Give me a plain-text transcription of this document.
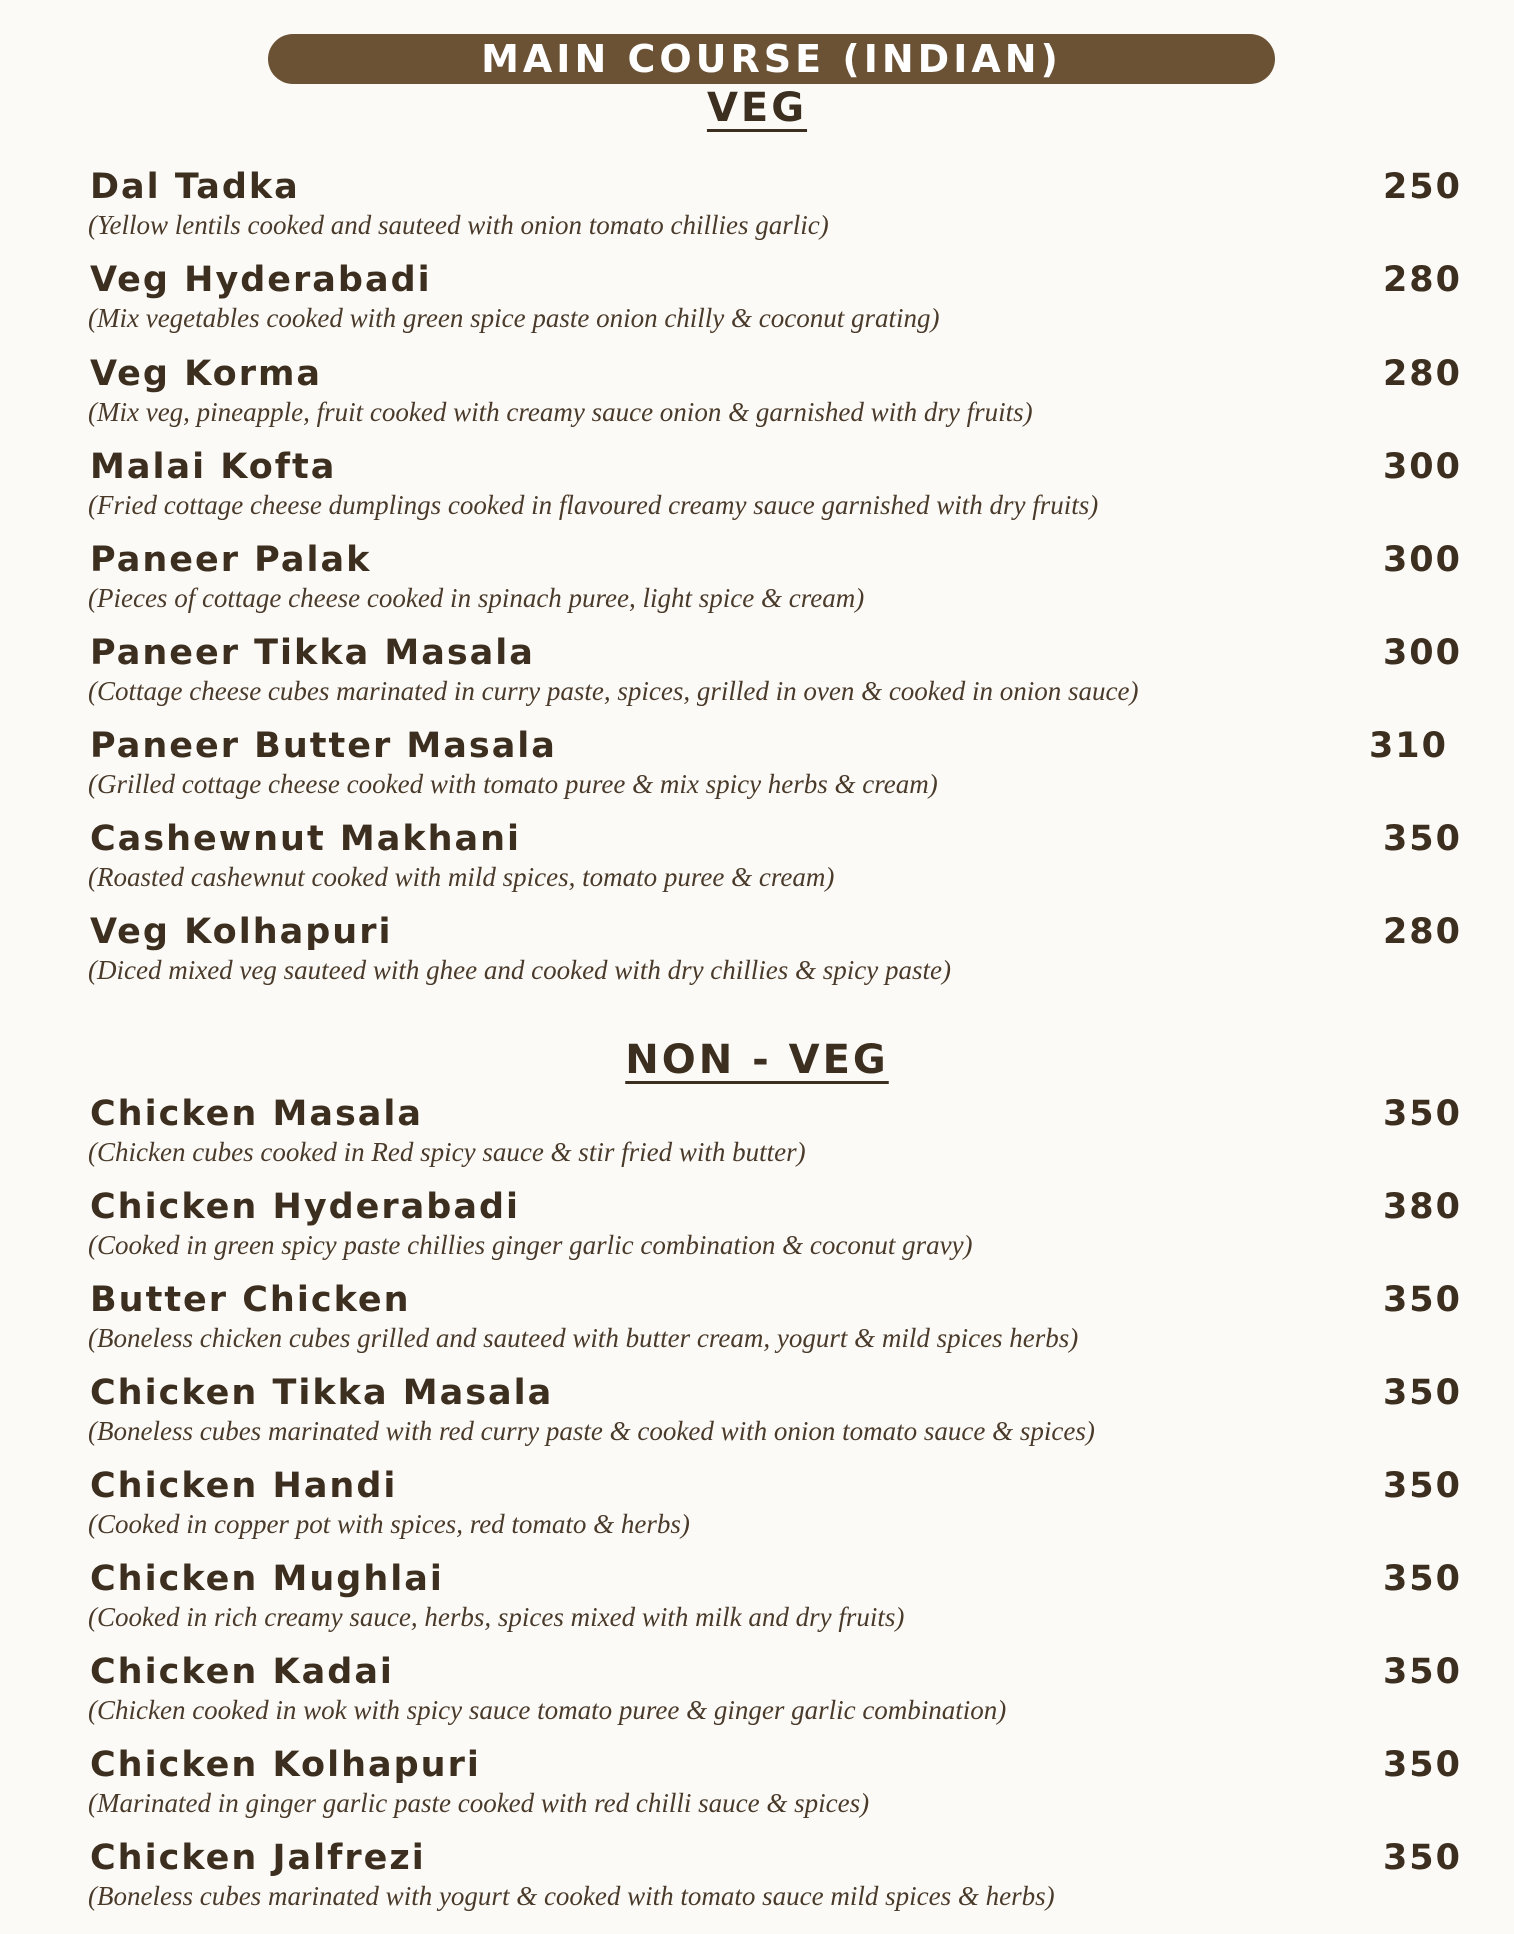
MAIN COURSE (INDIAN)
VEG
Dal Tadka	250
(Yellow lentils cooked and sauteed with onion tomato chillies garlic)
Veg Hyderabadi	280
(Mix vegetables cooked with green spice paste onion chilly & coconut grating)
Veg Korma	280
(Mix veg, pineapple, fruit cooked with creamy sauce onion & garnished with dry fruits)
Malai Kofta	300
(Fried cottage cheese dumplings cooked in flavoured creamy sauce garnished with dry fruits)
Paneer Palak	300
(Pieces of cottage cheese cooked in spinach puree, light spice & cream)
Paneer Tikka Masala	300
(Cottage cheese cubes marinated in curry paste, spices, grilled in oven & cooked in onion sauce)
Paneer Butter Masala	310
(Grilled cottage cheese cooked with tomato puree & mix spicy herbs & cream)
Cashewnut Makhani	350
(Roasted cashewnut cooked with mild spices, tomato puree & cream)
Veg Kolhapuri	280
(Diced mixed veg sauteed with ghee and cooked with dry chillies & spicy paste)
NON - VEG
Chicken Masala	350
(Chicken cubes cooked in Red spicy sauce & stir fried with butter)
Chicken Hyderabadi	380
(Cooked in green spicy paste chillies ginger garlic combination & coconut gravy)
Butter Chicken	350
(Boneless chicken cubes grilled and sauteed with butter cream, yogurt & mild spices herbs)
Chicken Tikka Masala	350
(Boneless cubes marinated with red curry paste & cooked with onion tomato sauce & spices)
Chicken Handi	350
(Cooked in copper pot with spices, red tomato & herbs)
Chicken Mughlai	350
(Cooked in rich creamy sauce, herbs, spices mixed with milk and dry fruits)
Chicken Kadai	350
(Chicken cooked in wok with spicy sauce tomato puree & ginger garlic combination)
Chicken Kolhapuri	350
(Marinated in ginger garlic paste cooked with red chilli sauce & spices)
Chicken Jalfrezi	350
(Boneless cubes marinated with yogurt & cooked with tomato sauce mild spices & herbs)
